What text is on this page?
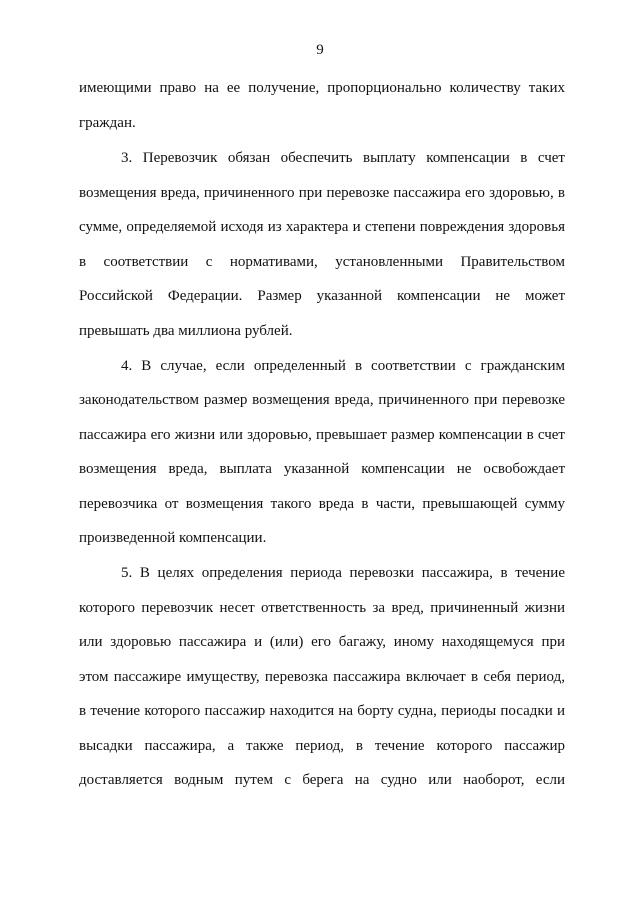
9
имеющими право на ее получение, пропорционально количеству таких
граждан.
3. Перевозчик обязан обеспечить выплату компенсации в счет
возмещения вреда, причиненного при перевозке пассажира его здоровью, в
сумме, определяемой исходя из характера и степени повреждения здоровья
в соответствии с нормативами, установленными Правительством
Российской Федерации. Размер указанной компенсации не может
превышать два миллиона рублей.
4. В случае, если определенный в соответствии с гражданским
законодательством размер возмещения вреда, причиненного при перевозке
пассажира его жизни или здоровью, превышает размер компенсации в счет
возмещения вреда, выплата указанной компенсации не освобождает
перевозчика от возмещения такого вреда в части, превышающей сумму
произведенной компенсации.
5. В целях определения периода перевозки пассажира, в течение
которого перевозчик несет ответственность за вред, причиненный жизни
или здоровью пассажира и (или) его багажу, иному находящемуся при
этом пассажире имуществу, перевозка пассажира включает в себя период,
в течение которого пассажир находится на борту судна, периоды посадки и
высадки пассажира, а также период, в течение которого пассажир
доставляется водным путем с берега на судно или наоборот, если
